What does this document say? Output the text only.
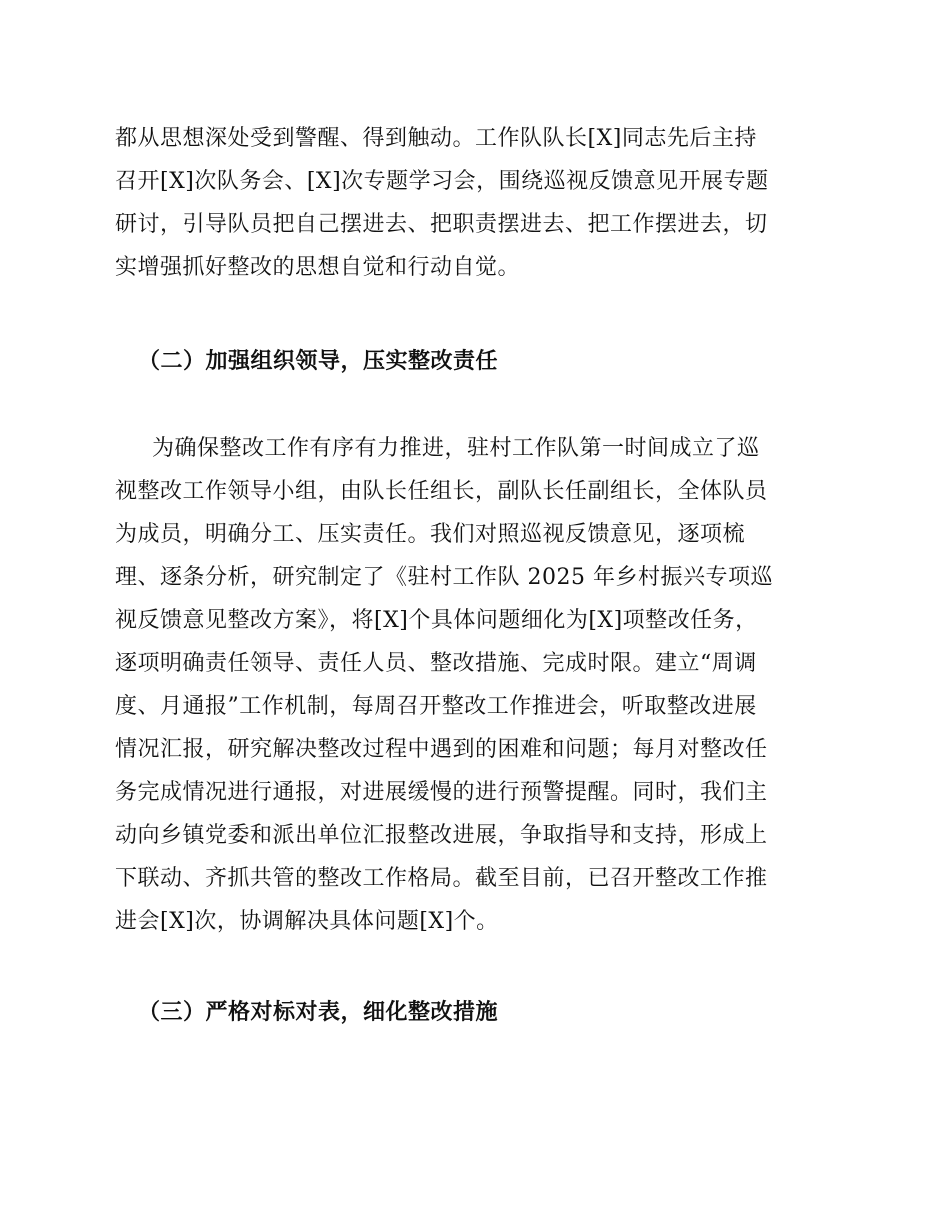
都从思想深处受到警醒、得到触动。工作队队长[X]同志先后主持
召开[X]次队务会、[X]次专题学习会，围绕巡视反馈意见开展专题
研讨，引导队员把自己摆进去、把职责摆进去、把工作摆进去，切
实增强抓好整改的思想自觉和行动自觉。
（二）加强组织领导，压实整改责任
为确保整改工作有序有力推进，驻村工作队第一时间成立了巡
视整改工作领导小组，由队长任组长，副队长任副组长，全体队员
为成员，明确分工、压实责任。我们对照巡视反馈意见，逐项梳
理、逐条分析，研究制定了《驻村工作队 2025 年乡村振兴专项巡
视反馈意见整改方案》，将[X]个具体问题细化为[X]项整改任务，
逐项明确责任领导、责任人员、整改措施、完成时限。建立“周调
度、月通报”工作机制，每周召开整改工作推进会，听取整改进展
情况汇报，研究解决整改过程中遇到的困难和问题；每月对整改任
务完成情况进行通报，对进展缓慢的进行预警提醒。同时，我们主
动向乡镇党委和派出单位汇报整改进展，争取指导和支持，形成上
下联动、齐抓共管的整改工作格局。截至目前，已召开整改工作推
进会[X]次，协调解决具体问题[X]个。
（三）严格对标对表，细化整改措施
